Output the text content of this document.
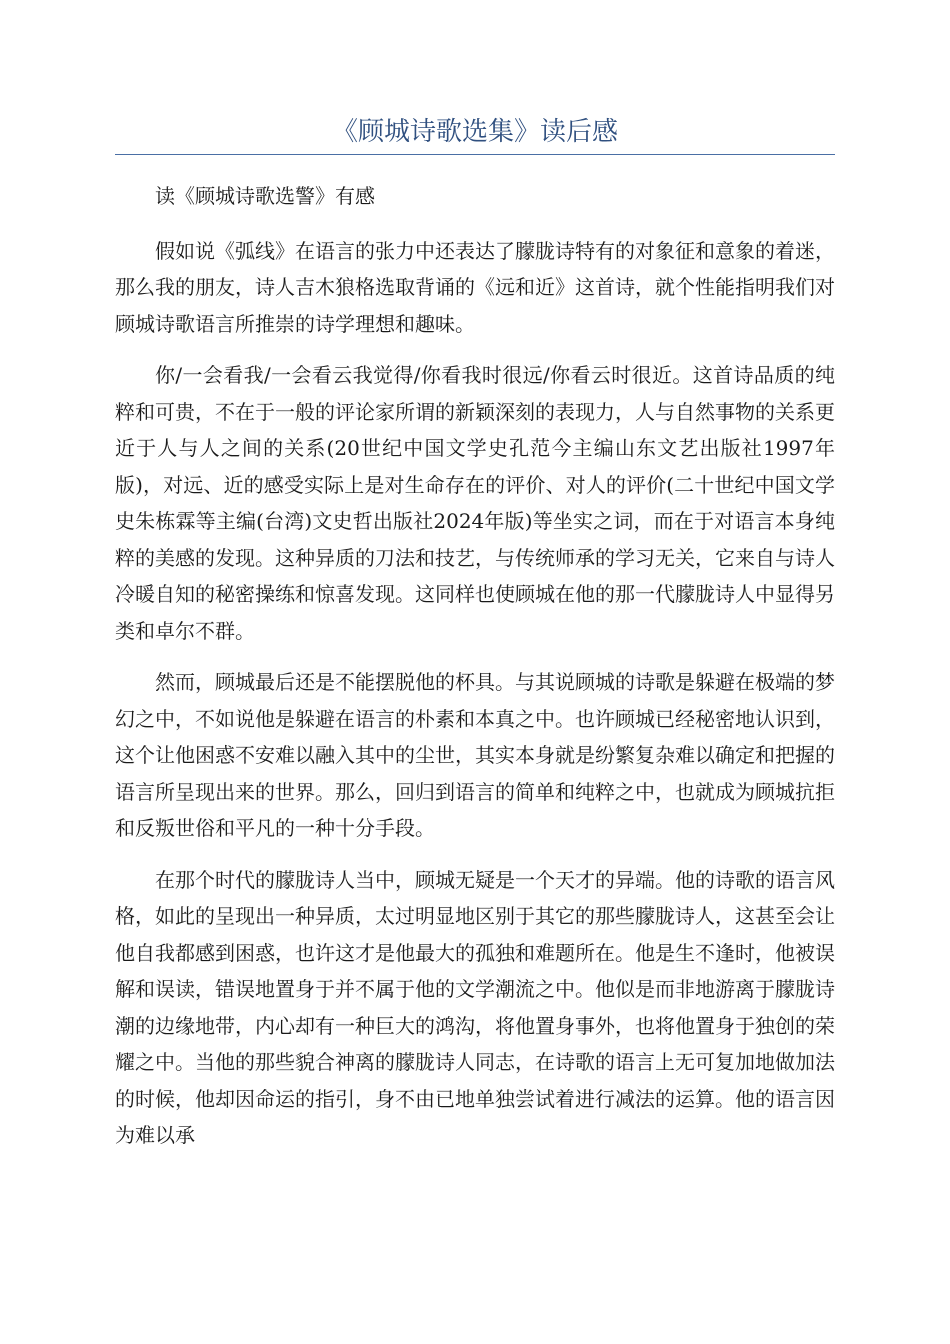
《顾城诗歌选集》读后感

读《顾城诗歌选警》有感

假如说《弧线》在语言的张力中还表达了朦胧诗特有的对象征和意象的着迷，那么我的朋友，诗人吉木狼格选取背诵的《远和近》这首诗，就个性能指明我们对顾城诗歌语言所推崇的诗学理想和趣味。

你/一会看我/一会看云我觉得/你看我时很远/你看云时很近。这首诗品质的纯粹和可贵，不在于一般的评论家所谓的新颖深刻的表现力，人与自然事物的关系更近于人与人之间的关系(20世纪中国文学史孔范今主编山东文艺出版社1997年版)，对远、近的感受实际上是对生命存在的评价、对人的评价(二十世纪中国文学史朱栋霖等主编(台湾)文史哲出版社2024年版)等坐实之词，而在于对语言本身纯粹的美感的发现。这种异质的刀法和技艺，与传统师承的学习无关，它来自与诗人冷暖自知的秘密操练和惊喜发现。这同样也使顾城在他的那一代朦胧诗人中显得另类和卓尔不群。

然而，顾城最后还是不能摆脱他的杯具。与其说顾城的诗歌是躲避在极端的梦幻之中，不如说他是躲避在语言的朴素和本真之中。也许顾城已经秘密地认识到，这个让他困惑不安难以融入其中的尘世，其实本身就是纷繁复杂难以确定和把握的语言所呈现出来的世界。那么，回归到语言的简单和纯粹之中，也就成为顾城抗拒和反叛世俗和平凡的一种十分手段。

在那个时代的朦胧诗人当中，顾城无疑是一个天才的异端。他的诗歌的语言风格，如此的呈现出一种异质，太过明显地区别于其它的那些朦胧诗人，这甚至会让他自我都感到困惑，也许这才是他最大的孤独和难题所在。他是生不逢时，他被误解和误读，错误地置身于并不属于他的文学潮流之中。他似是而非地游离于朦胧诗潮的边缘地带，内心却有一种巨大的鸿沟，将他置身事外，也将他置身于独创的荣耀之中。当他的那些貌合神离的朦胧诗人同志，在诗歌的语言上无可复加地做加法的时候，他却因命运的指引，身不由已地单独尝试着进行减法的运算。他的语言因为难以承
